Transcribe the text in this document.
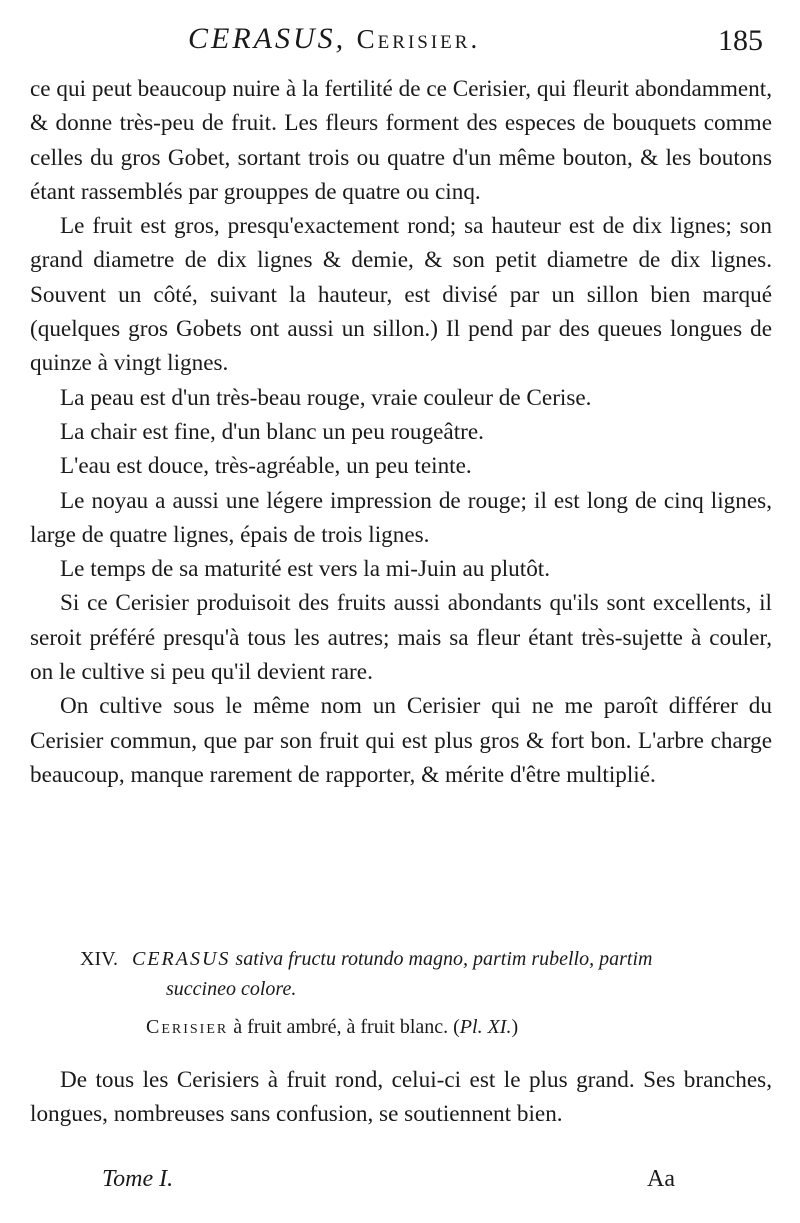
CERASUS, Cerisier.	185

ce qui peut beaucoup nuire à la fertilité de ce Cerisier, qui fleurit abondamment, & donne très-peu de fruit. Les fleurs forment des especes de bouquets comme celles du gros Gobet, sortant trois ou quatre d'un même bouton, & les boutons étant rassemblés par grouppes de quatre ou cinq.

Le fruit est gros, presqu'exactement rond; sa hauteur est de dix lignes; son grand diametre de dix lignes & demie, & son petit diametre de dix lignes. Souvent un côté, suivant la hauteur, est divisé par un sillon bien marqué (quelques gros Gobets ont aussi un sillon.) Il pend par des queues longues de quinze à vingt lignes.

La peau est d'un très-beau rouge, vraie couleur de Cerise.

La chair est fine, d'un blanc un peu rougeâtre.

L'eau est douce, très-agréable, un peu teinte.

Le noyau a aussi une légere impression de rouge; il est long de cinq lignes, large de quatre lignes, épais de trois lignes.

Le temps de sa maturité est vers la mi-Juin au plutôt.

Si ce Cerisier produisoit des fruits aussi abondants qu'ils sont excellents, il seroit préféré presqu'à tous les autres; mais sa fleur étant très-sujette à couler, on le cultive si peu qu'il devient rare.

On cultive sous le même nom un Cerisier qui ne me paroît différer du Cerisier commun, que par son fruit qui est plus gros & fort bon. L'arbre charge beaucoup, manque rarement de rapporter, & mérite d'être multiplié.

XIV. CERASUS sativa fructu rotundo magno, partim rubello, partim

succineo colore.

Cerisier à fruit ambré, à fruit blanc. (Pl. XI.)

De tous les Cerisiers à fruit rond, celui-ci est le plus grand. Ses branches, longues, nombreuses sans confusion, se soutiennent bien.

Tome I.	Aa
